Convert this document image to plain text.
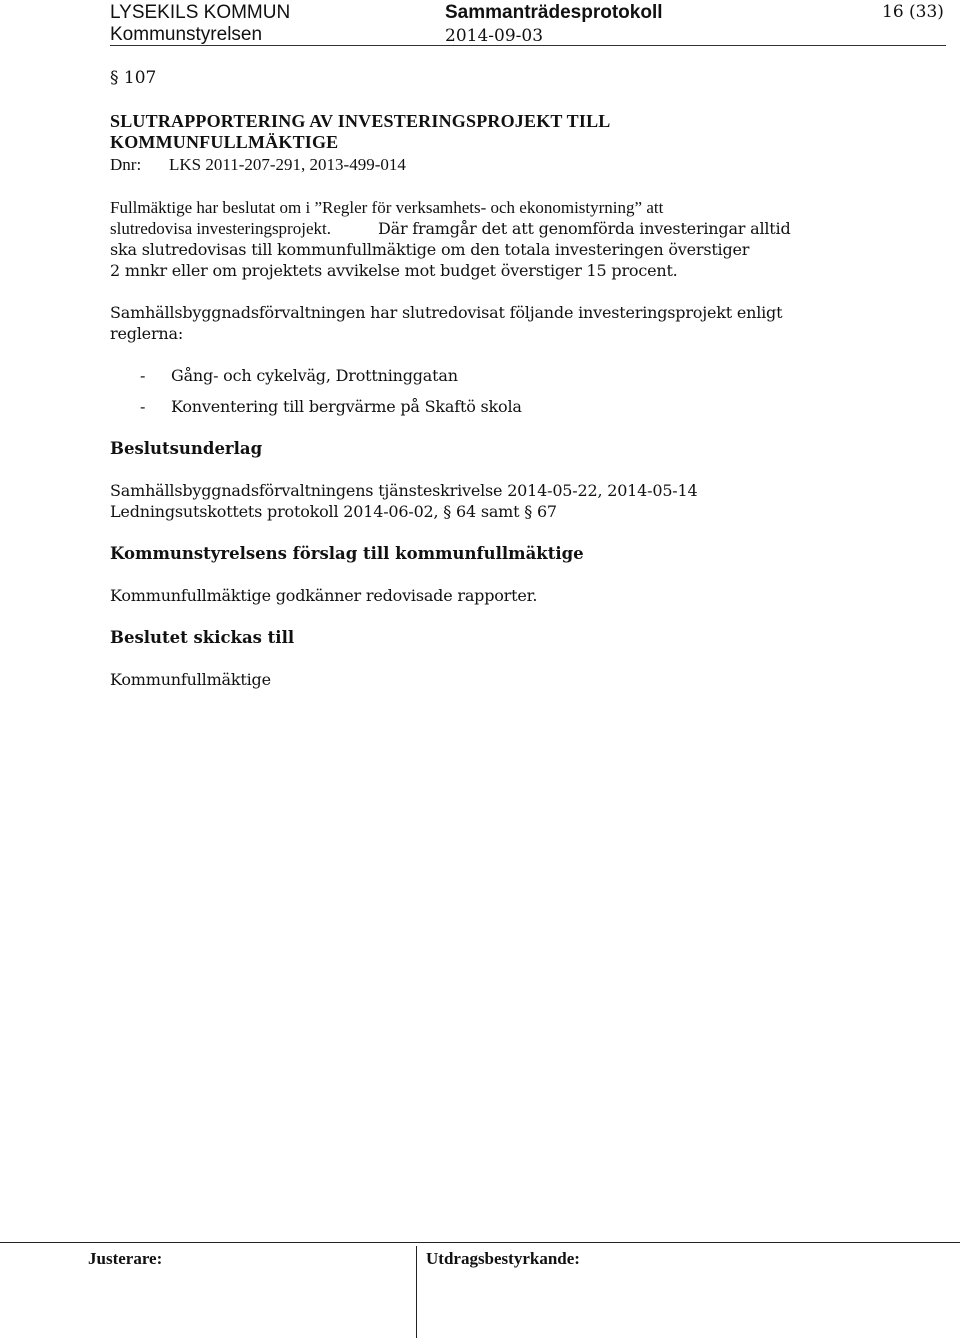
LYSEKILS KOMMUN
Kommunstyrelsen
Sammanträdesprotokoll
2014-09-03
16 (33)
§ 107
SLUTRAPPORTERING AV INVESTERINGSPROJEKT TILL
KOMMUNFULLMÄKTIGE
Dnr: LKS 2011-207-291, 2013-499-014
Fullmäktige har beslutat om i ”Regler för verksamhets- och ekonomistyrning” att
slutredovisa investeringsprojekt.	Där framgår det att genomförda investeringar alltid
ska slutredovisas till kommunfullmäktige om den totala investeringen överstiger
2 mnkr eller om projektets avvikelse mot budget överstiger 15 procent.
Samhällsbyggnadsförvaltningen har slutredovisat följande investeringsprojekt enligt
reglerna:
- Gång- och cykelväg, Drottninggatan
- Konventering till bergvärme på Skaftö skola
Beslutsunderlag
Samhällsbyggnadsförvaltningens tjänsteskrivelse 2014-05-22, 2014-05-14
Ledningsutskottets protokoll 2014-06-02, § 64 samt § 67
Kommunstyrelsens förslag till kommunfullmäktige
Kommunfullmäktige godkänner redovisade rapporter.
Beslutet skickas till
Kommunfullmäktige
Justerare:	Utdragsbestyrkande:
